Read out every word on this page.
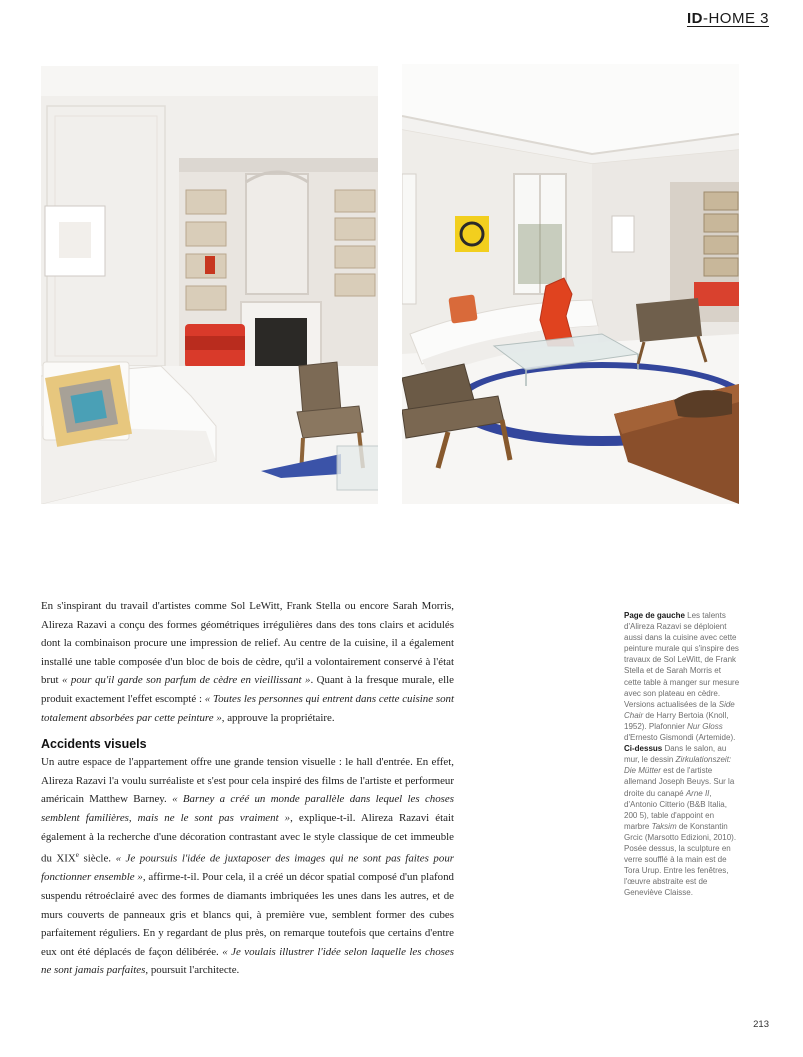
ID-HOME 3

En s'inspirant du travail d'artistes comme Sol LeWitt, Frank Stella ou encore Sarah Morris, Alireza Razavi a conçu des formes géométriques irrégulières dans des tons clairs et acidulés dont la combinaison procure une impression de relief. Au centre de la cuisine, il a également installé une table composée d'un bloc de bois de cèdre, qu'il a volontairement conservé à l'état brut « pour qu'il garde son parfum de cèdre en vieillissant ». Quant à la fresque murale, elle produit exactement l'effet escompté : « Toutes les personnes qui entrent dans cette cuisine sont totalement absorbées par cette peinture », approuve la propriétaire.

Accidents visuels

Un autre espace de l'appartement offre une grande tension visuelle : le hall d'entrée. En effet, Alireza Razavi l'a voulu surréaliste et s'est pour cela inspiré des films de l'artiste et performeur américain Matthew Barney. « Barney a créé un monde parallèle dans lequel les choses semblent familières, mais ne le sont pas vraiment », explique-t-il. Alireza Razavi était également à la recherche d'une décoration contrastant avec le style classique de cet immeuble du XIXe siècle. « Je poursuis l'idée de juxtaposer des images qui ne sont pas faites pour fonctionner ensemble », affirme-t-il. Pour cela, il a créé un décor spatial composé d'un plafond suspendu rétroéclairé avec des formes de diamants imbriquées les unes dans les autres, et de murs couverts de panneaux gris et blancs qui, à première vue, semblent former des cubes parfaitement réguliers. En y regardant de plus près, on remarque toutefois que certains d'entre eux ont été déplacés de façon délibérée. « Je voulais illustrer l'idée selon laquelle les choses ne sont jamais parfaites, poursuit l'architecte.

Page de gauche Les talents d'Alireza Razavi se déploient aussi dans la cuisine avec cette peinture murale qui s'inspire des travaux de Sol LeWitt, de Frank Stella et de Sarah Morris et cette table à manger sur mesure avec son plateau en cèdre. Versions actualisées de la Side Chair de Harry Bertoia (Knoll, 1952). Plafonnier Nur Gloss d'Ernesto Gismondi (Artemide). Ci-dessus Dans le salon, au mur, le dessin Zirkulationszeit: Die Mütter est de l'artiste allemand Joseph Beuys. Sur la droite du canapé Arne II, d'Antonio Citterio (B&B Italia, 200 5), table d'appoint en marbre Taksim de Konstantin Grcic (Marsotto Edizioni, 2010). Posée dessus, la sculpture en verre soufflé à la main est de Tora Urup. Entre les fenêtres, l'œuvre abstraite est de Geneviève Claisse.
213
